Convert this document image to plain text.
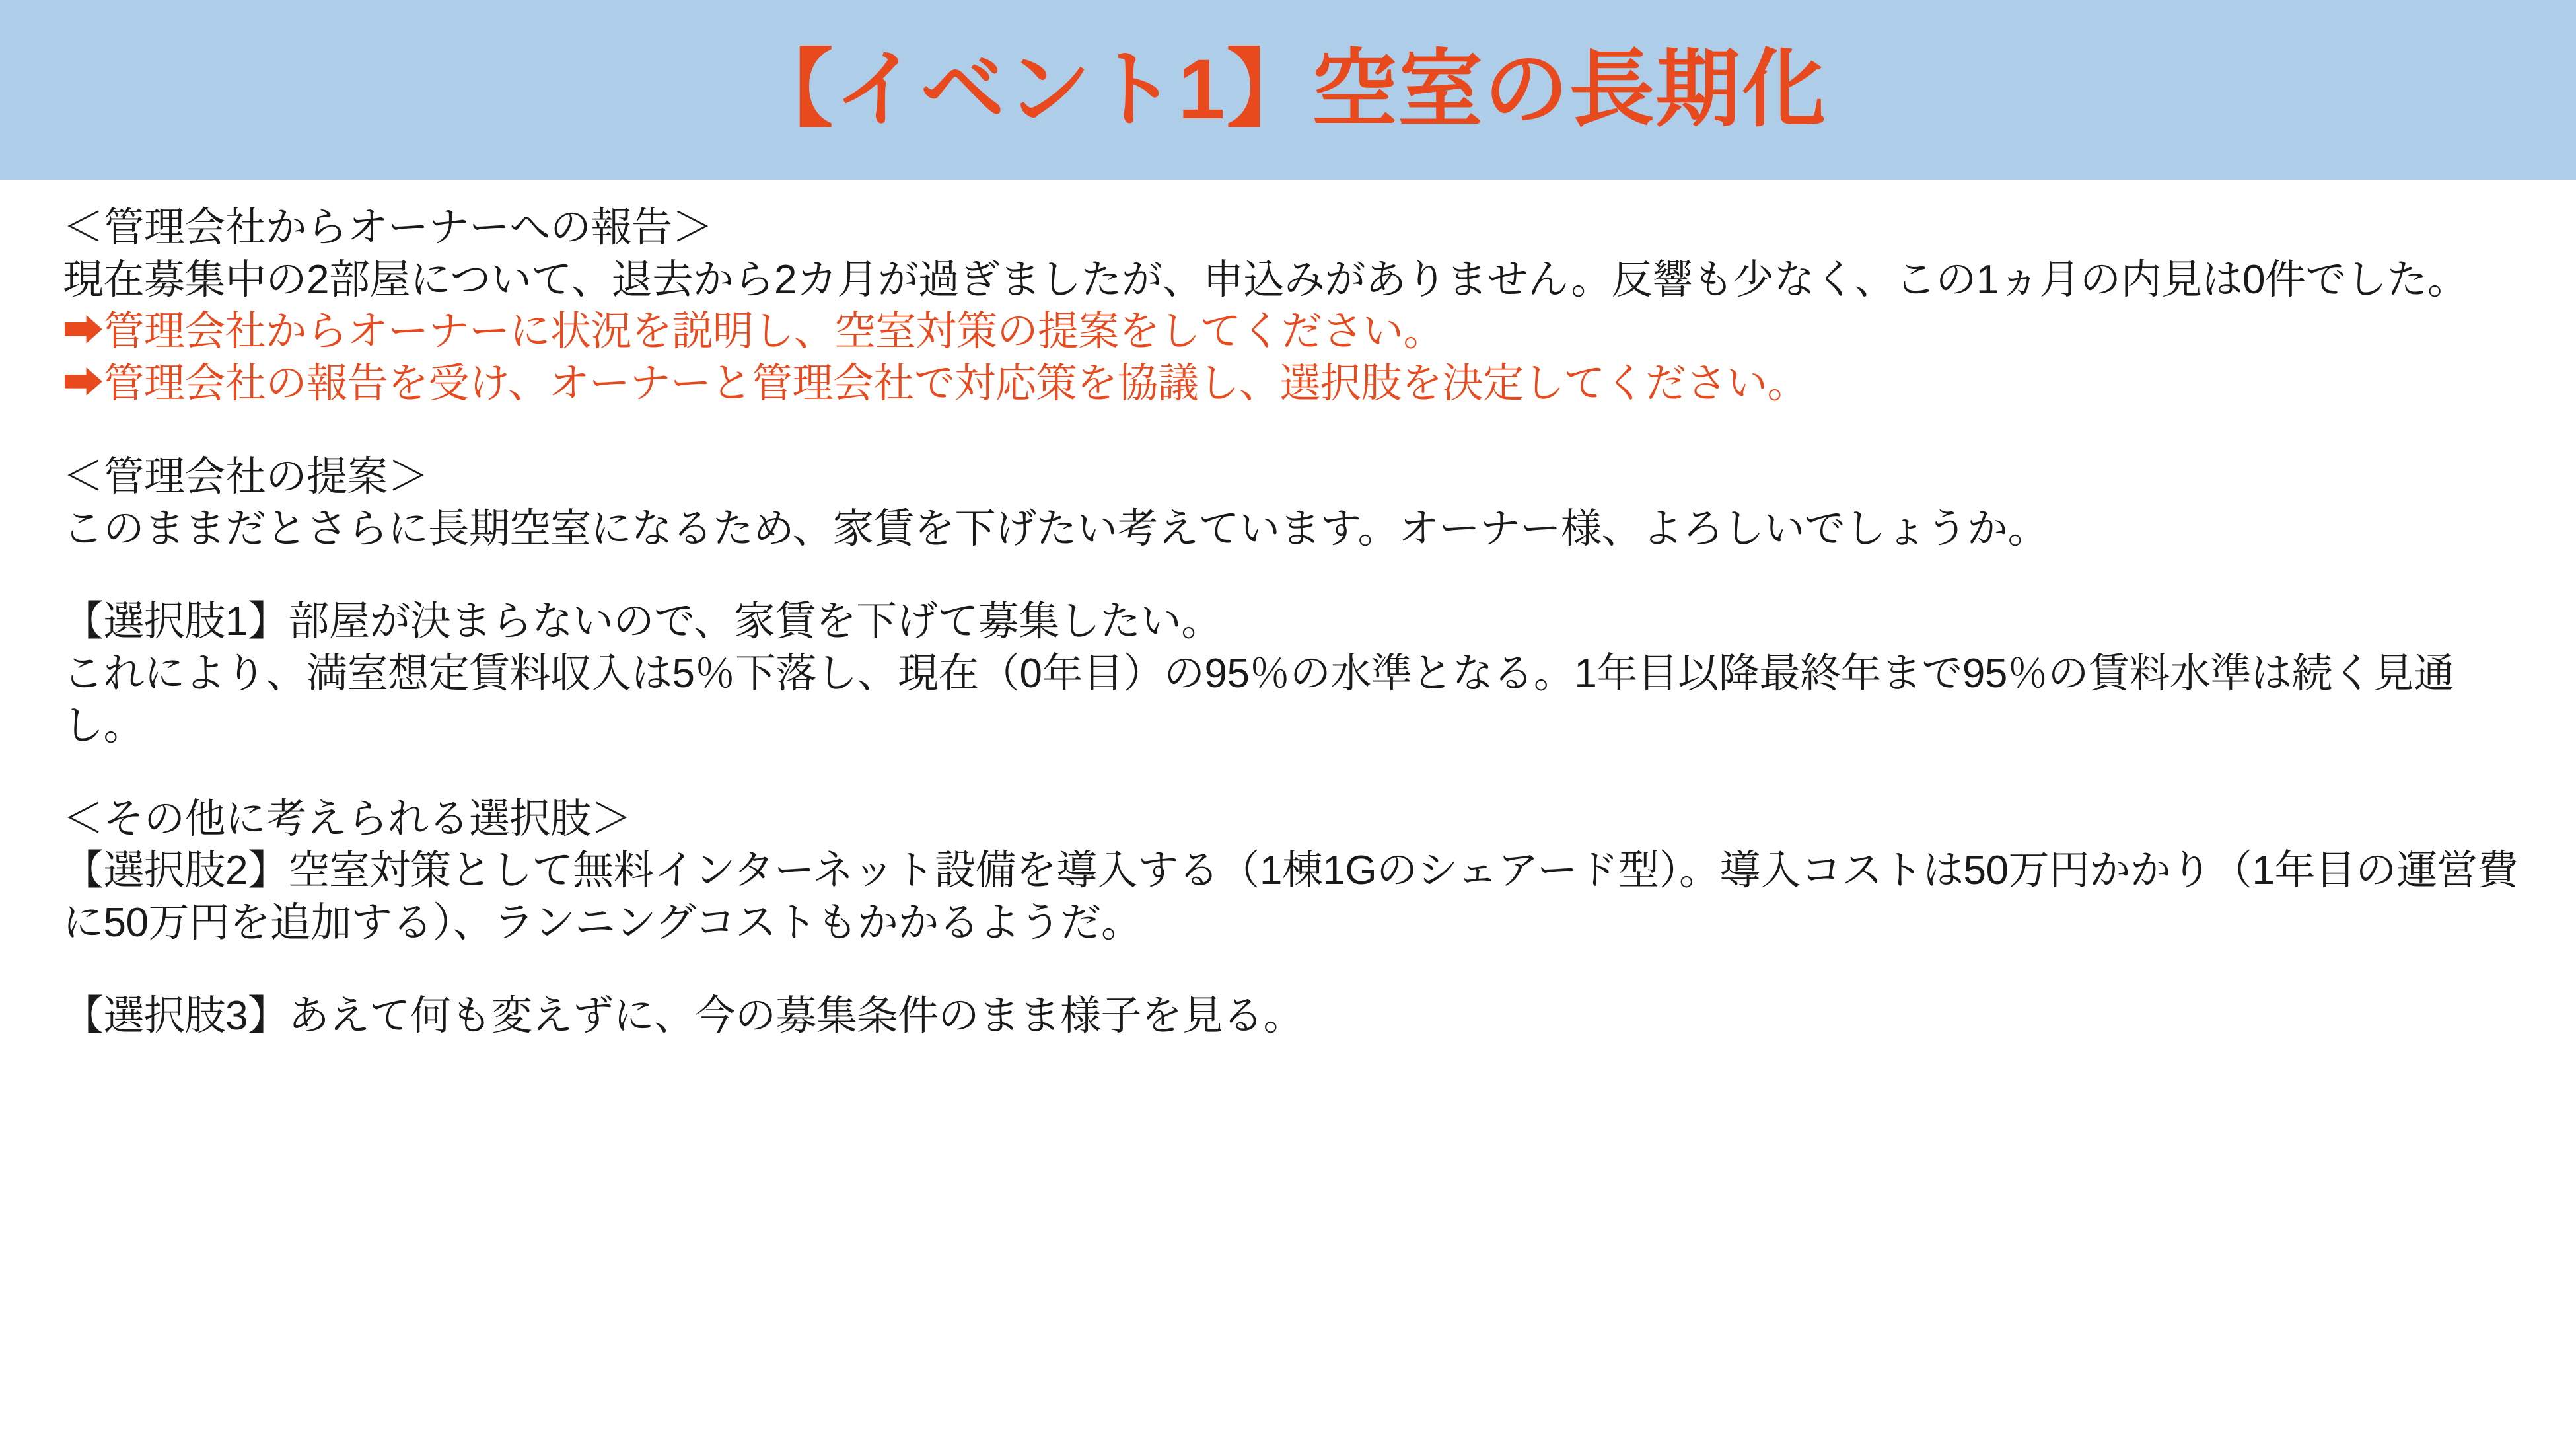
【イベント1】空室の長期化
＜管理会社からオーナーへの報告＞
現在募集中の2部屋について、退去から2カ月が過ぎましたが、申込みがありません。反響も少なく、この1ヵ月の内見は0件でした。
➡管理会社からオーナーに状況を説明し、空室対策の提案をしてください。
➡管理会社の報告を受け、オーナーと管理会社で対応策を協議し、選択肢を決定してください。
＜管理会社の提案＞
このままだとさらに長期空室になるため、家賃を下げたい考えています。オーナー様、よろしいでしょうか。
【選択肢1】部屋が決まらないので、家賃を下げて募集したい。
これにより、満室想定賃料収入は5％下落し、現在（0年目）の95％の水準となる。1年目以降最終年まで95％の賃料水準は続く見通し。
＜その他に考えられる選択肢＞
【選択肢2】空室対策として無料インターネット設備を導入する（1棟1Gのシェアード型）。導入コストは50万円かかり（1年目の運営費に50万円を追加する）、ランニングコストもかかるようだ。
【選択肢3】あえて何も変えずに、今の募集条件のまま様子を見る。
